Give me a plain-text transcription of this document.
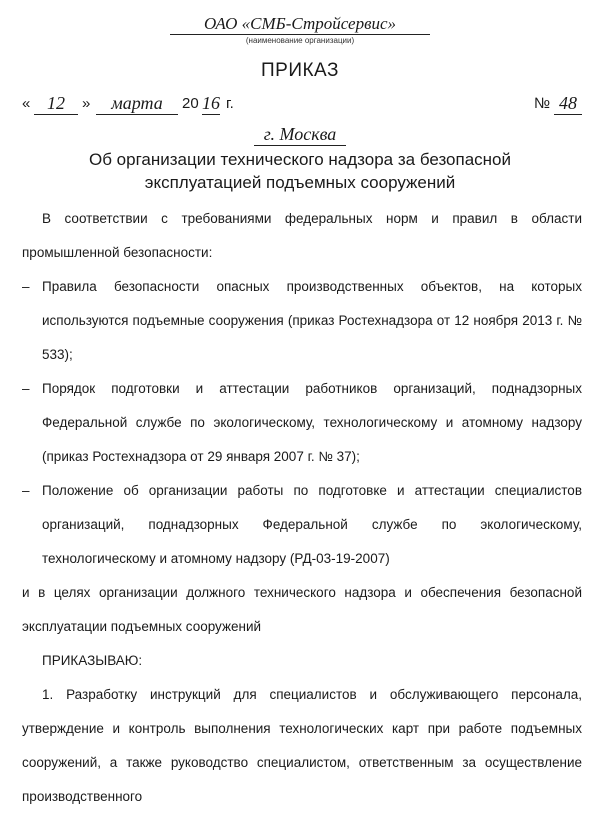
ОАО «СМБ-Стройсервис»
(наименование организации)
ПРИКАЗ
« 12	»	марта	20 16 г.	№ 48
г. Москва
Об организации технического надзора за безопасной эксплуатацией подъемных сооружений

В соответствии с требованиями федеральных норм и правил в области промышленной безопасности:

– Правила безопасности опасных производственных объектов, на которых используются подъемные сооружения (приказ Ростехнадзора от 12 ноября 2013 г. № 533);

– Порядок подготовки и аттестации работников организаций, поднадзорных Федеральной службе по экологическому, технологическому и атомному надзору (приказ Ростехнадзора от 29 января 2007 г. № 37);

– Положение об организации работы по подготовке и аттестации специалистов организаций, поднадзорных Федеральной службе по экологическому, технологическому и атомному надзору (РД-03-19-2007)

и в целях организации должного технического надзора и обеспечения безопасной эксплуатации подъемных сооружений

ПРИКАЗЫВАЮ:

1. Разработку инструкций для специалистов и обслуживающего персонала, утверждение и контроль выполнения технологических карт при работе подъемных сооружений, а также руководство специалистом, ответственным за осуществление производственного
